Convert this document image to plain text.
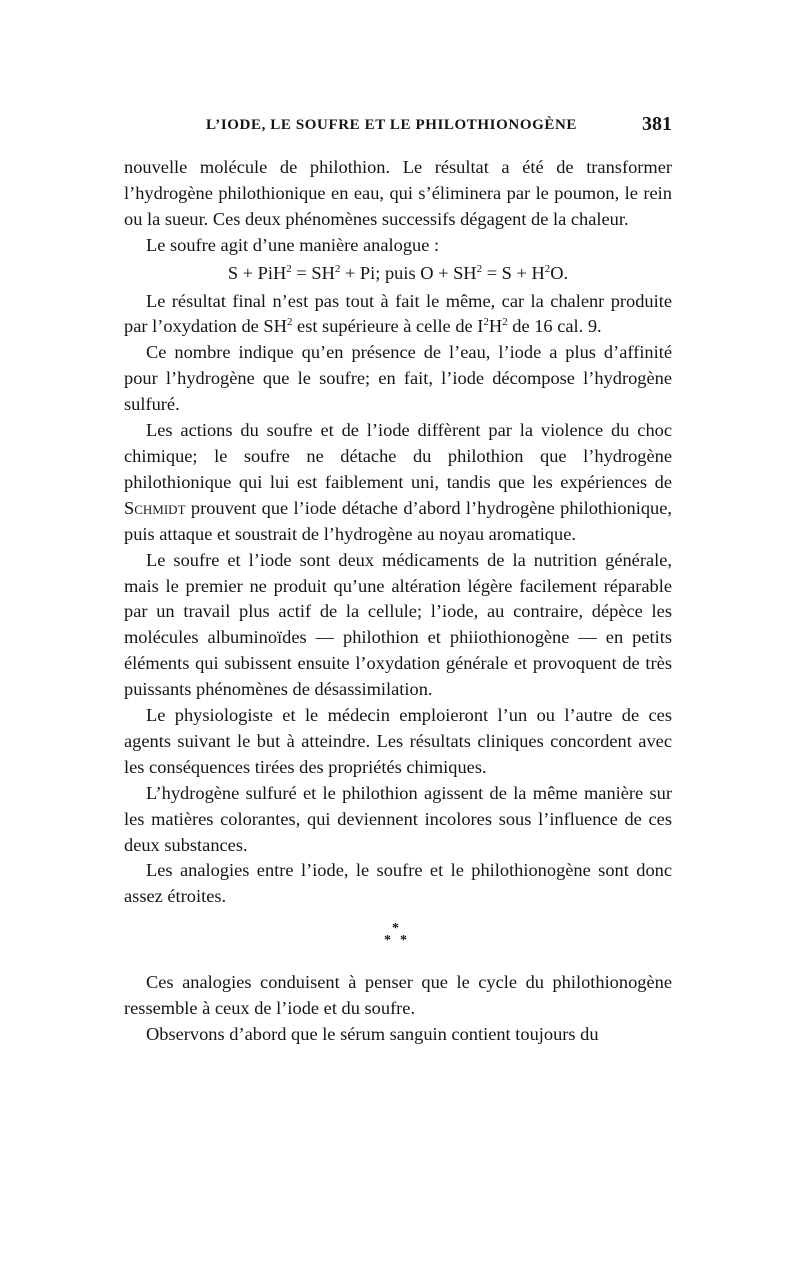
L’IODE, LE SOUFRE ET LE PHILOTHIONOGÈNE	381

nouvelle molécule de philothion. Le résultat a été de transformer l’hydrogène philothionique en eau, qui s’éliminera par le poumon, le rein ou la sueur. Ces deux phénomènes successifs dégagent de la chaleur.

Le soufre agit d’une manière analogue :

$S + PiH^2 = SH^2 + Pi$; puis $O + SH^2 = S + H^2O$.

Le résultat final n’est pas tout à fait le même, car la chalenr produite par l’oxydation de $SH^2$ est supérieure à celle de $I^2H^2$ de 16 cal. 9.

Ce nombre indique qu’en présence de l’eau, l’iode a plus d’affinité pour l’hydrogène que le soufre; en fait, l’iode décompose l’hydrogène sulfuré.

Les actions du soufre et de l’iode diffèrent par la violence du choc chimique; le soufre ne détache du philothion que l’hydrogène philothionique qui lui est faiblement uni, tandis que les expériences de Schmidt prouvent que l’iode détache d’abord l’hydrogène philothionique, puis attaque et soustrait de l’hydrogène au noyau aromatique.

Le soufre et l’iode sont deux médicaments de la nutrition générale, mais le premier ne produit qu’une altération légère facilement réparable par un travail plus actif de la cellule; l’iode, au contraire, dépèce les molécules albuminoïdes — philothion et phiiothionogène — en petits éléments qui subissent ensuite l’oxydation générale et provoquent de très puissants phénomènes de désassimilation.

Le physiologiste et le médecin emploieront l’un ou l’autre de ces agents suivant le but à atteindre. Les résultats cliniques concordent avec les conséquences tirées des propriétés chimiques.

L’hydrogène sulfuré et le philothion agissent de la même manière sur les matières colorantes, qui deviennent incolores sous l’influence de ces deux substances.

Les analogies entre l’iode, le soufre et le philothionogène sont donc assez étroites.

*
* *

Ces analogies conduisent à penser que le cycle du philothionogène ressemble à ceux de l’iode et du soufre.

Observons d’abord que le sérum sanguin contient toujours du
